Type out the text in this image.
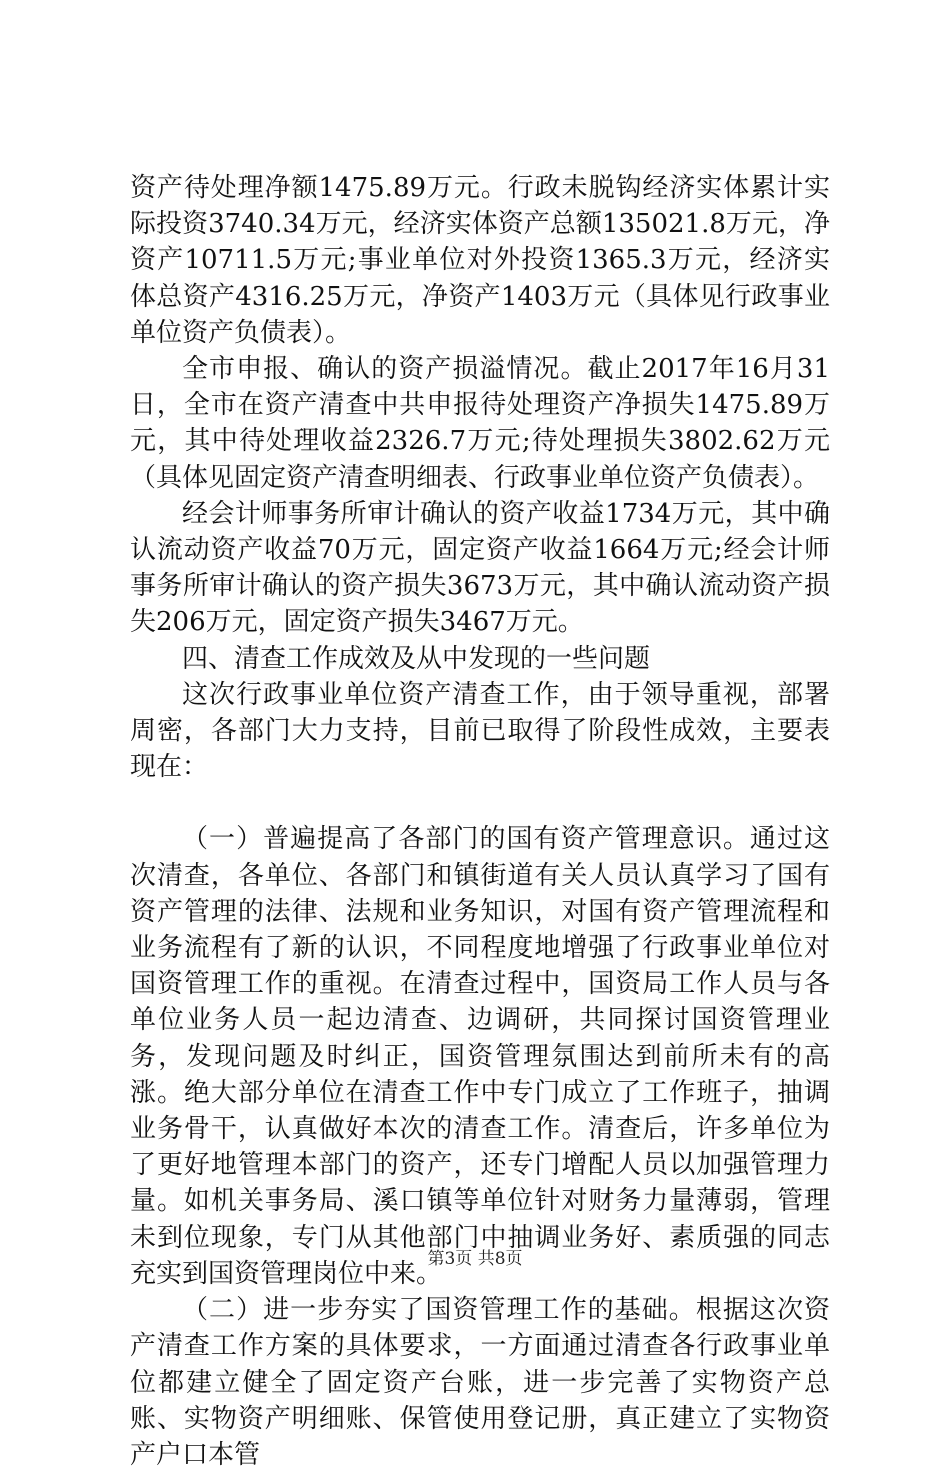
资产待处理净额1475.89万元。行政未脱钩经济实体累计实际投资3740.34万元，经济实体资产总额135021.8万元，净资产10711.5万元;事业单位对外投资1365.3万元，经济实体总资产4316.25万元，净资产1403万元（具体见行政事业单位资产负债表）。

全市申报、确认的资产损溢情况。截止2017年16月31日，全市在资产清查中共申报待处理资产净损失1475.89万元，其中待处理收益2326.7万元;待处理损失3802.62万元（具体见固定资产清查明细表、行政事业单位资产负债表）。

经会计师事务所审计确认的资产收益1734万元，其中确认流动资产收益70万元，固定资产收益1664万元;经会计师事务所审计确认的资产损失3673万元，其中确认流动资产损失206万元，固定资产损失3467万元。

四、清查工作成效及从中发现的一些问题

这次行政事业单位资产清查工作，由于领导重视，部署周密，各部门大力支持，目前已取得了阶段性成效，主要表现在：

（一）普遍提高了各部门的国有资产管理意识。通过这次清查，各单位、各部门和镇街道有关人员认真学习了国有资产管理的法律、法规和业务知识，对国有资产管理流程和业务流程有了新的认识，不同程度地增强了行政事业单位对国资管理工作的重视。在清查过程中，国资局工作人员与各单位业务人员一起边清查、边调研，共同探讨国资管理业务，发现问题及时纠正，国资管理氛围达到前所未有的高涨。绝大部分单位在清查工作中专门成立了工作班子，抽调业务骨干，认真做好本次的清查工作。清查后，许多单位为了更好地管理本部门的资产，还专门增配人员以加强管理力量。如机关事务局、溪口镇等单位针对财务力量薄弱，管理未到位现象，专门从其他部门中抽调业务好、素质强的同志充实到国资管理岗位中来。

（二）进一步夯实了国资管理工作的基础。根据这次资产清查工作方案的具体要求，一方面通过清查各行政事业单位都建立健全了固定资产台账，进一步完善了实物资产总账、实物资产明细账、保管使用登记册，真正建立了实物资产户口本管

第3页 共8页
